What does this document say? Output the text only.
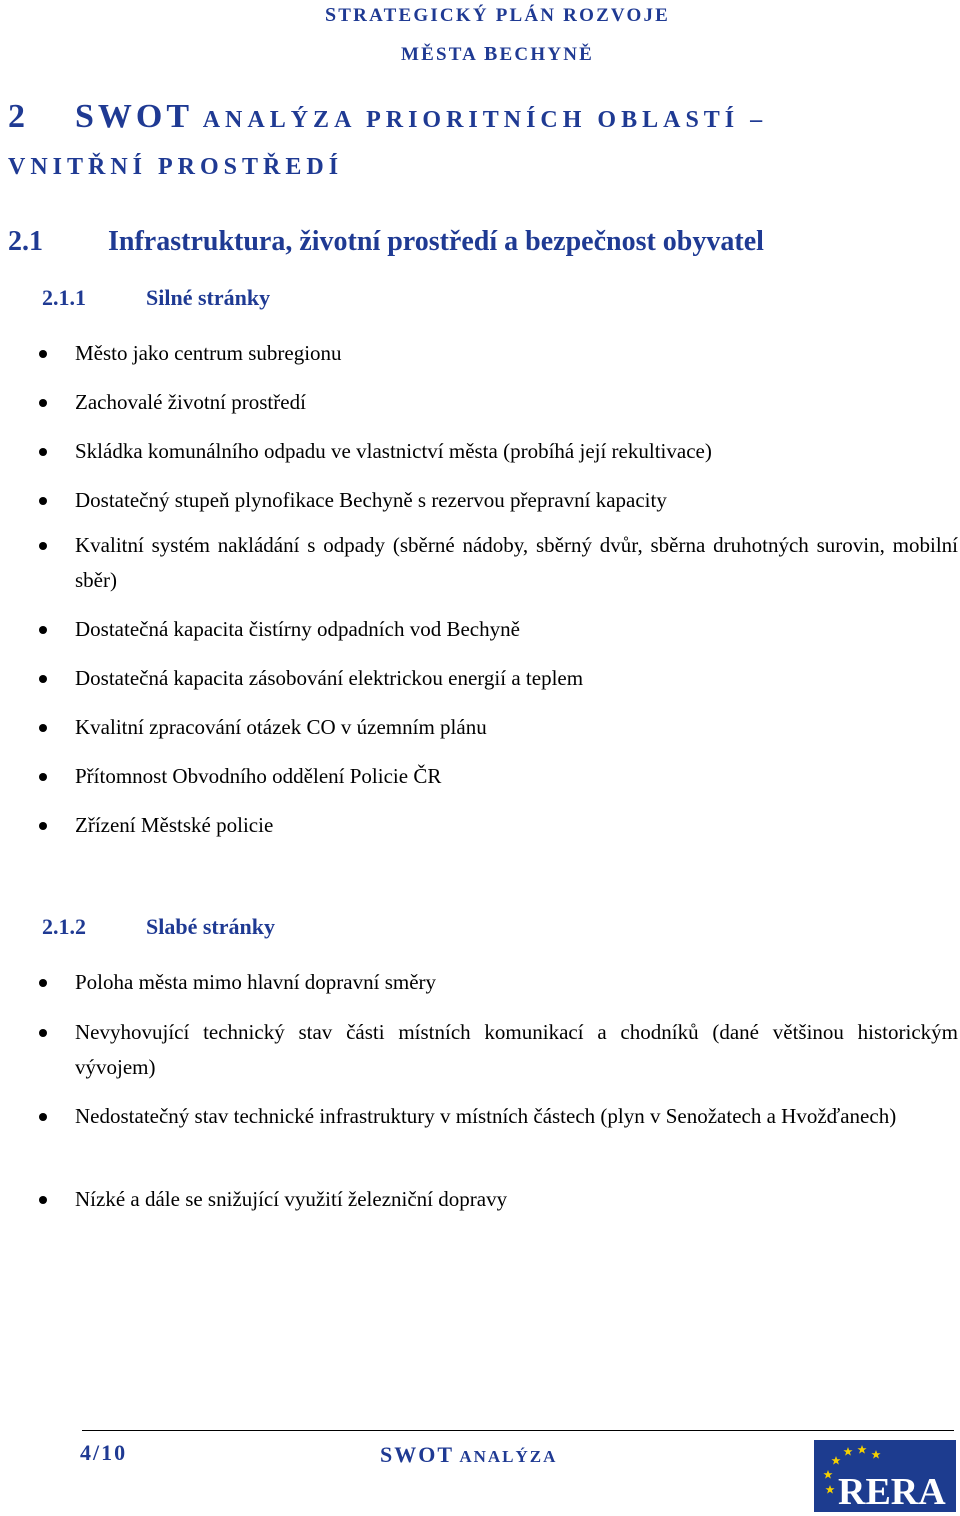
STRATEGICKÝ PLÁN ROZVOJE
MĚSTA BECHYNĚ
2 SWOT ANALÝZA PRIORITNÍCH OBLASTÍ –
VNITŘNÍ PROSTŘEDÍ
2.1 Infrastruktura, životní prostředí a bezpečnost obyvatel
2.1.1	Silné stránky
Město jako centrum subregionu
Zachovalé životní prostředí
Skládka komunálního odpadu ve vlastnictví města (probíhá její rekultivace)
Dostatečný stupeň plynofikace Bechyně s rezervou přepravní kapacity
Kvalitní systém nakládání s odpady (sběrné nádoby, sběrný dvůr, sběrna druhotných surovin, mobilní sběr)
Dostatečná kapacita čistírny odpadních vod Bechyně
Dostatečná kapacita zásobování elektrickou energií a teplem
Kvalitní zpracování otázek CO v územním plánu
Přítomnost Obvodního oddělení Policie ČR
Zřízení Městské policie
2.1.2	Slabé stránky
Poloha města mimo hlavní dopravní směry
Nevyhovující technický stav části místních komunikací a chodníků (dané většinou historickým vývojem)
Nedostatečný stav technické infrastruktury v místních částech (plyn v Senožatech a Hvožďanech)
Nízké a dále se snižující využití železniční dopravy
4/10	SWOT ANALÝZA
RERA
